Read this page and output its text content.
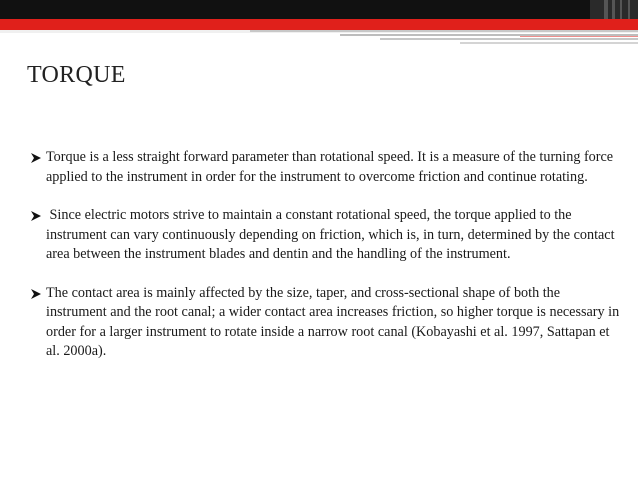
TORQUE
Torque is a less straight forward parameter than rotational speed. It is a measure of the turning force applied to the instrument in order for the instrument to overcome friction and continue rotating.
Since electric motors strive to maintain a constant rotational speed, the torque applied to the instrument can vary continuously depending on friction, which is, in turn, determined by the contact area between the instrument blades and dentin and the handling of the instrument.
The contact area is mainly affected by the size, taper, and cross-sectional shape of both the instrument and the root canal; a wider contact area increases friction, so higher torque is necessary in order for a larger instrument to rotate inside a narrow root canal (Kobayashi et al. 1997, Sattapan et al. 2000a).
